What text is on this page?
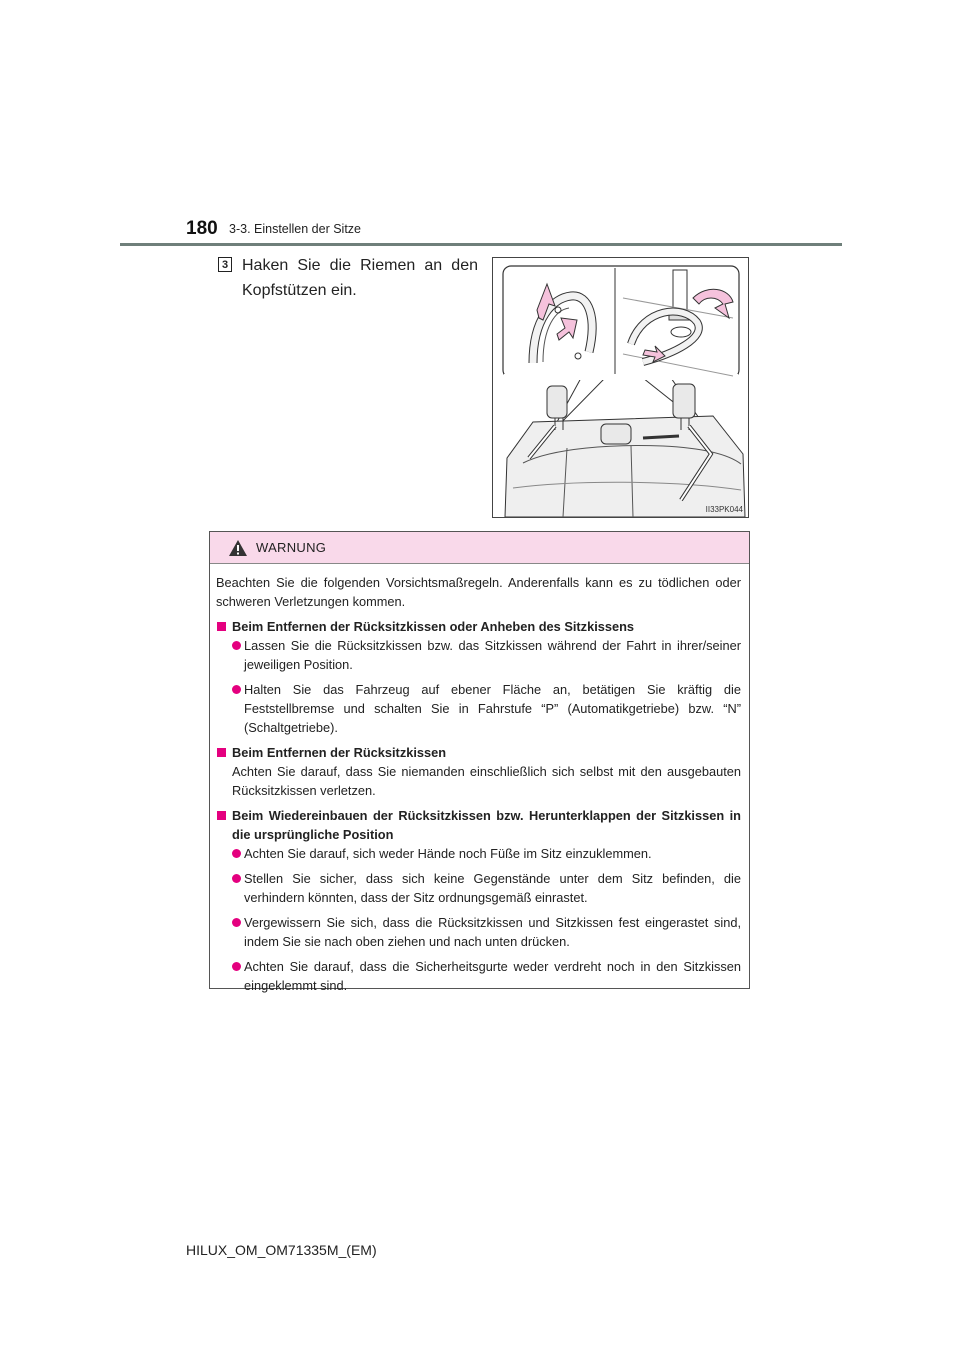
180 3-3. Einstellen der Sitze
3 Haken Sie die Riemen an den
Kopfstützen ein.
II33PK044
WARNUNG

Beachten Sie die folgenden Vorsichtsmaßregeln. Anderenfalls kann es zu tödlichen oder schweren Verletzungen kommen.

Beim Entfernen der Rücksitzkissen oder Anheben des Sitzkissens

Lassen Sie die Rücksitzkissen bzw. das Sitzkissen während der Fahrt in ihrer/seiner jeweiligen Position.
Halten Sie das Fahrzeug auf ebener Fläche an, betätigen Sie kräftig die Feststellbremse und schalten Sie in Fahrstufe “P” (Automatikgetriebe) bzw. “N” (Schaltgetriebe).

Beim Entfernen der Rücksitzkissen

Achten Sie darauf, dass Sie niemanden einschließlich sich selbst mit den ausgebauten Rücksitzkissen verletzen.

Beim Wiedereinbauen der Rücksitzkissen bzw. Herunterklappen der Sitzkissen in die ursprüngliche Position

Achten Sie darauf, sich weder Hände noch Füße im Sitz einzuklemmen.
Stellen Sie sicher, dass sich keine Gegenstände unter dem Sitz befinden, die verhindern könnten, dass der Sitz ordnungsgemäß einrastet.
Vergewissern Sie sich, dass die Rücksitzkissen und Sitzkissen fest eingerastet sind, indem Sie sie nach oben ziehen und nach unten drücken.
Achten Sie darauf, dass die Sicherheitsgurte weder verdreht noch in den Sitzkissen eingeklemmt sind.
HILUX_OM_OM71335M_(EM)
